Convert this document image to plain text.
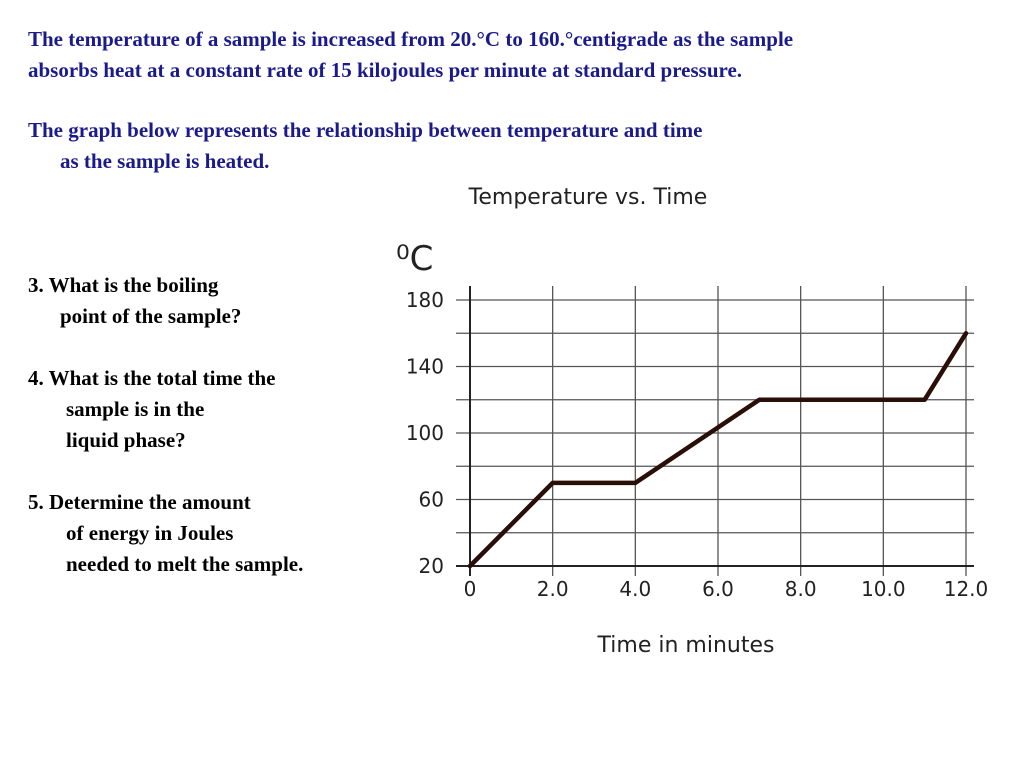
The temperature of a sample is increased from 20.°C to 160.°centigrade as the sample

absorbs heat at a constant rate of 15 kilojoules per minute at standard pressure.

The graph below represents the relationship between temperature and time

as the sample is heated.

3. What is the boiling

point of the sample?

4. What is the total time the

sample is in the

liquid phase?

5. Determine the amount

of energy in Joules

needed to melt the sample.

Temperature vs. Time
⁰C
Time in minutes
20
60
100
140
180
0	2.0	4.0	6.0	8.0 10.0 12.0
